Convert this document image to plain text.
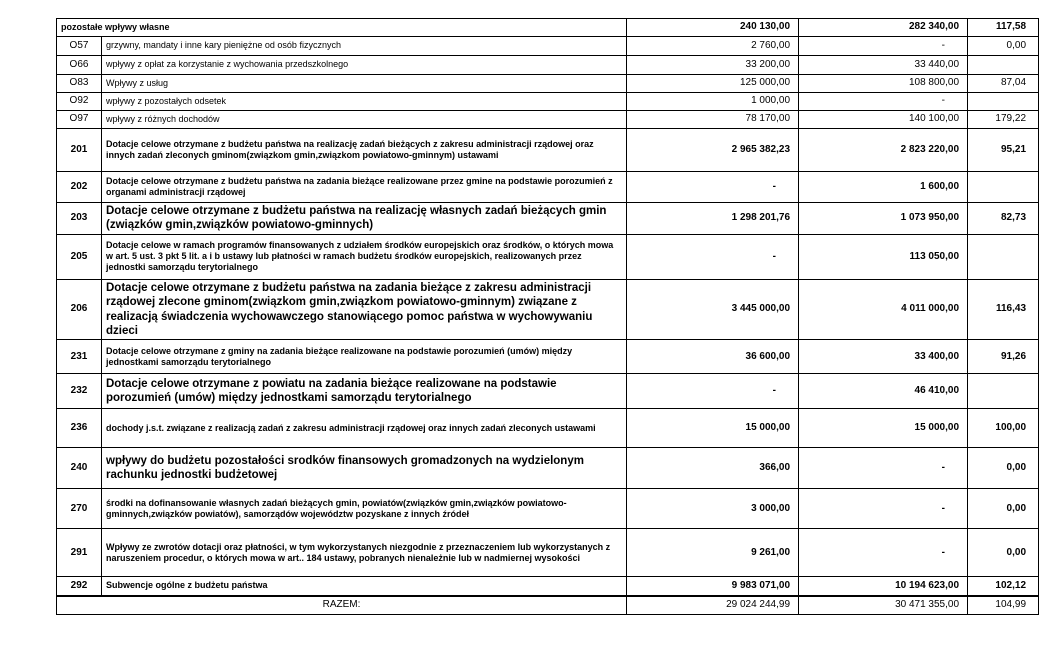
pozostałe wpływy własne		240 130,00	282 340,00	117,58
O57	grzywny, mandaty i inne kary pieniężne od osób fizycznych	2 760,00	-	0,00
O66	wpływy z opłat za korzystanie z wychowania przedszkolnego	33 200,00	33 440,00	
O83	Wpływy z usług	125 000,00	108 800,00	87,04
O92	wpływy z pozostałych odsetek	1 000,00	-	
O97	wpływy z różnych dochodów	78 170,00	140 100,00	179,22
201	Dotacje celowe otrzymane z budżetu państwa na realizację zadań bieżących z zakresu administracji rządowej oraz innych zadań zleconych gminom(związkom gmin,związkom powiatowo-gminnym) ustawami	2 965 382,23	2 823 220,00	95,21
202	Dotacje celowe otrzymane z budżetu państwa na zadania bieżące realizowane przez gmine na podstawie porozumień z organami administracji rządowej	-	1 600,00	
203	Dotacje celowe otrzymane z budżetu państwa na realizację własnych zadań bieżących gmin (związków gmin,związków powiatowo-gminnych)	1 298 201,76	1 073 950,00	82,73
205	Dotacje celowe w ramach programów finansowanych z udziałem środków europejskich oraz środków, o których mowa w art. 5 ust. 3 pkt 5 lit. a i b ustawy lub płatności w ramach budżetu środków europejskich, realizowanych przez jednostki samorządu terytorialnego	-	113 050,00	
206	Dotacje celowe otrzymane z budżetu państwa na zadania bieżące z zakresu administracji rządowej zlecone gminom(związkom gmin,związkom powiatowo-gminnym) związane z realizacją świadczenia wychowawczego stanowiącego pomoc państwa w wychowywaniu dzieci	3 445 000,00	4 011 000,00	116,43
231	Dotacje celowe otrzymane z gminy na zadania bieżące realizowane na podstawie porozumień (umów) między jednostkami samorządu terytorialnego	36 600,00	33 400,00	91,26
232	Dotacje celowe otrzymane z powiatu na zadania bieżące realizowane na podstawie porozumień (umów) między jednostkami samorządu terytorialnego	-	46 410,00	
236	dochody j.s.t. związane z realizacją zadań z zakresu administracji rządowej oraz innych zadań zleconych ustawami	15 000,00	15 000,00	100,00
240	wpływy do budżetu pozostałości srodków finansowych gromadzonych na wydzielonym rachunku jednostki budżetowej	366,00	-	0,00
270	środki na dofinansowanie własnych zadań bieżących gmin, powiatów(związków gmin,związków powiatowo-gminnych,związków powiatów), samorządów województw pozyskane z innych źródeł	3 000,00	-	0,00
291	Wpływy ze zwrotów dotacji oraz płatności, w tym wykorzystanych niezgodnie z przeznaczeniem lub wykorzystanych z naruszeniem procedur, o których mowa w art.. 184 ustawy, pobranych nienależnie lub w nadmiernej wysokości	9 261,00	-	0,00
292	Subwencje ogólne z budżetu państwa	9 983 071,00	10 194 623,00	102,12
RAZEM:		29 024 244,99	30 471 355,00	104,99
